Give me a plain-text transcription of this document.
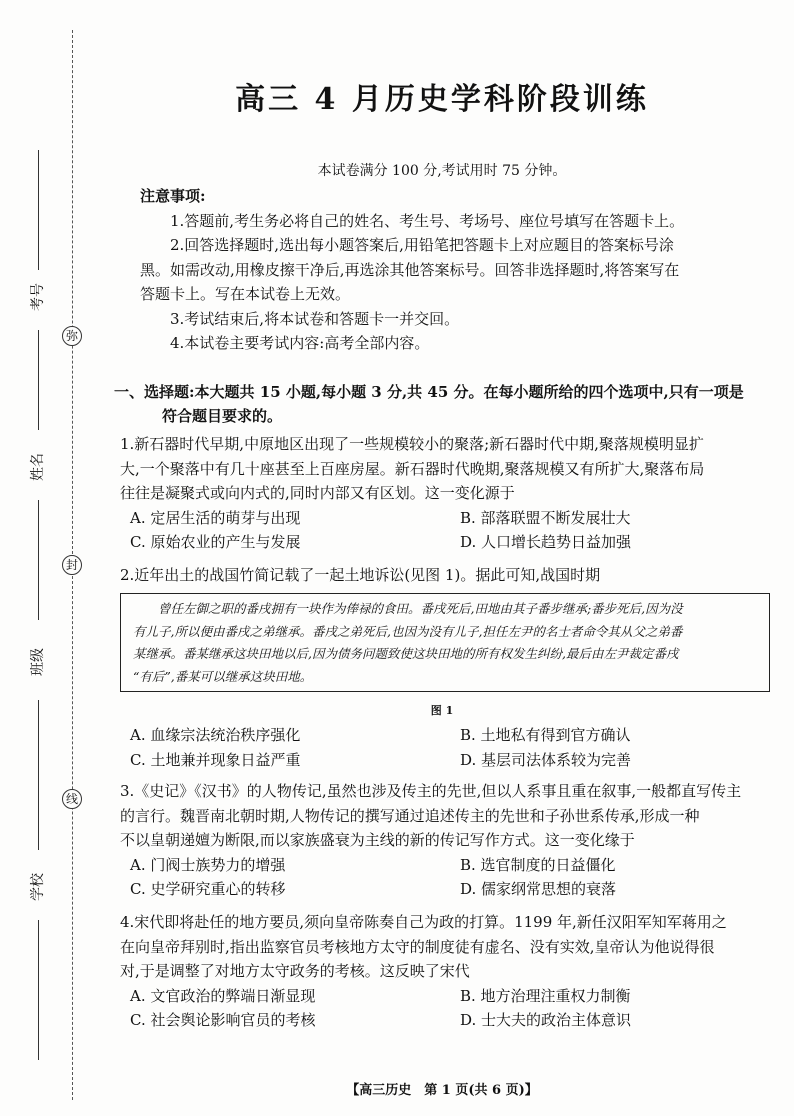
考号
姓名
班级
学校
弥
封
线
高三 4 月历史学科阶段训练
本试卷满分 100 分,考试用时 75 分钟。
注意事项:

1.答题前,考生务必将自己的姓名、考生号、考场号、座位号填写在答题卡上。

2.回答选择题时,选出每小题答案后,用铅笔把答题卡上对应题目的答案标号涂

黑。如需改动,用橡皮擦干净后,再选涂其他答案标号。回答非选择题时,将答案写在

答题卡上。写在本试卷上无效。

3.考试结束后,将本试卷和答题卡一并交回。

4.本试卷主要考试内容:高考全部内容。

一、选择题:本大题共 15 小题,每小题 3 分,共 45 分。在每小题所给的四个选项中,只有一项是
符合题目要求的。

1.新石器时代早期,中原地区出现了一些规模较小的聚落;新石器时代中期,聚落规模明显扩

大,一个聚落中有几十座甚至上百座房屋。新石器时代晚期,聚落规模又有所扩大,聚落布局

往往是凝聚式或向内式的,同时内部又有区划。这一变化源于

A. 定居生活的萌芽与出现	B. 部落联盟不断发展壮大
C. 原始农业的产生与发展	D. 人口增长趋势日益加强

2.近年出土的战国竹简记载了一起土地诉讼(见图 1)。据此可知,战国时期

曾任左御之职的番戌拥有一块作为俸禄的食田。番戌死后,田地由其子番步继承;番步死后,因为没

有儿子,所以便由番戌之弟继承。番戌之弟死后,也因为没有儿子,担任左尹的名士者命令其从父之弟番

某继承。番某继承这块田地以后,因为债务问题致使这块田地的所有权发生纠纷,最后由左尹裁定番戌

“有后”,番某可以继承这块田地。

图 1
A. 血缘宗法统治秩序强化	B. 土地私有得到官方确认
C. 土地兼并现象日益严重	D. 基层司法体系较为完善

3.《史记》《汉书》的人物传记,虽然也涉及传主的先世,但以人系事且重在叙事,一般都直写传主

的言行。魏晋南北朝时期,人物传记的撰写通过追述传主的先世和子孙世系传承,形成一种

不以皇朝递嬗为断限,而以家族盛衰为主线的新的传记写作方式。这一变化缘于

A. 门阀士族势力的增强	B. 选官制度的日益僵化
C. 史学研究重心的转移	D. 儒家纲常思想的衰落

4.宋代即将赴任的地方要员,须向皇帝陈奏自己为政的打算。1199 年,新任汉阳军知军蒋用之

在向皇帝拜别时,指出监察官员考核地方太守的制度徒有虚名、没有实效,皇帝认为他说得很

对,于是调整了对地方太守政务的考核。这反映了宋代

A. 文官政治的弊端日渐显现	B. 地方治理注重权力制衡
C. 社会舆论影响官员的考核	D. 士大夫的政治主体意识
【高三历史　第 1 页(共 6 页)】
